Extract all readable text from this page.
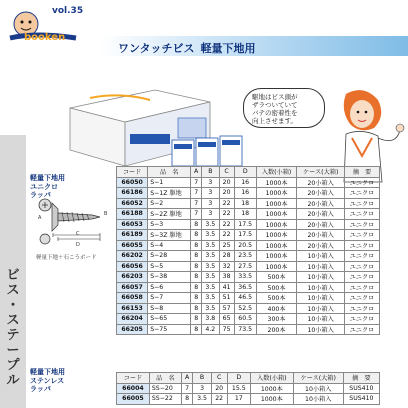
ビ
ス
・
ス
テ
ー
プ
ル
booken
vol.35
ワンタッチビス 軽量下地用
駆地はビス頭が
ザラついていて
バテの密着性を
向上させます。
軽量下地用
ユニクロ
ラッパ
C
D
B
A
軽量下地＋石こうボード
コード	品　名	A	B	C	D	入数(小箱)	ケース(大箱)	摘　要
66050	S−1	7	3	20	16	1000本	20小箱入	ユニクロ
66186	S−1Z 駆地	7	3	20	16	1000本	20小箱入	ユニクロ
66052	S−2	7	3	22	18	1000本	20小箱入	ユニクロ
66188	S−2Z 駆地	7	3	22	18	1000本	20小箱入	ユニクロ
66053	S−3	8	3.5	22	17.5	1000本	20小箱入	ユニクロ
66189	S−3Z 駆地	8	3.5	22	17.5	1000本	20小箱入	ユニクロ
66055	S−4	8	3.5	25	20.5	1000本	20小箱入	ユニクロ
66202	S−28	8	3.5	28	23.5	1000本	10小箱入	ユニクロ
66056	S−5	8	3.5	32	27.5	1000本	10小箱入	ユニクロ
66203	S−38	8	3.5	38	33.5	500本	10小箱入	ユニクロ
66057	S−6	8	3.5	41	36.5	500本	10小箱入	ユニクロ
66058	S−7	8	3.5	51	46.5	500本	10小箱入	ユニクロ
66153	S−8	8	3.5	57	52.5	400本	10小箱入	ユニクロ
66204	S−65	8	3.8	65	60.5	300本	10小箱入	ユニクロ
66205	S−75	8	4.2	75	73.5	200本	10小箱入	ユニクロ
軽量下地用
ステンレス
ラッパ
コード	品　名	A	B	C	D	入数(小箱)	ケース(大箱)	摘　要
66004	SS−20	7	3	20	15.5	1000本	10小箱入	SUS410
66005	SS−22	8	3.5	22	17	1000本	10小箱入	SUS410
